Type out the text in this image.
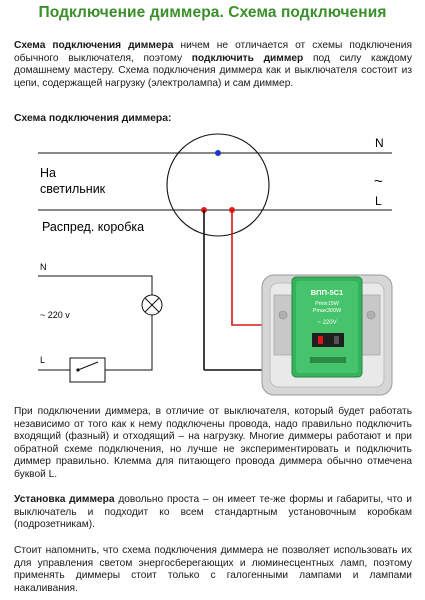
Подключение диммера. Схема подключения
Схема подключения диммера ничем не отличается от схемы подключения обычного выключателя, поэтому подключить диммер под силу каждому домашнему мастеру. Схема подключения диммера как и выключателя состоит из цепи, содержащей нагрузку (электролампа) и сам диммер.
Схема подключения диммера:
N
~
L
На
светильник
Распред. коробка
N
~ 220 v
L
ВПП-5С1
Pmin15W
Pmax300W
~ 220V
При подключении диммера, в отличие от выключателя, который будет работать независимо от того как к нему подключены провода, надо правильно подключить входящий (фазный) и отходящий – на нагрузку. Многие диммеры работают и при обратной схеме подключения, но лучше не экспериментировать и подключить диммер правильно. Клемма для питающего провода диммера обычно отмечена буквой L.
Установка диммера довольно проста – он имеет те-же формы и габариты, что и выключатель и подходит ко всем стандартным установочным коробкам (подрозетникам).
Стоит напомнить, что схема подключения диммера не позволяет использовать их для управления светом энергосберегающих и люминесцентных ламп, поэтому применять диммеры стоит только с галогенными лампами и лампами накаливания.
